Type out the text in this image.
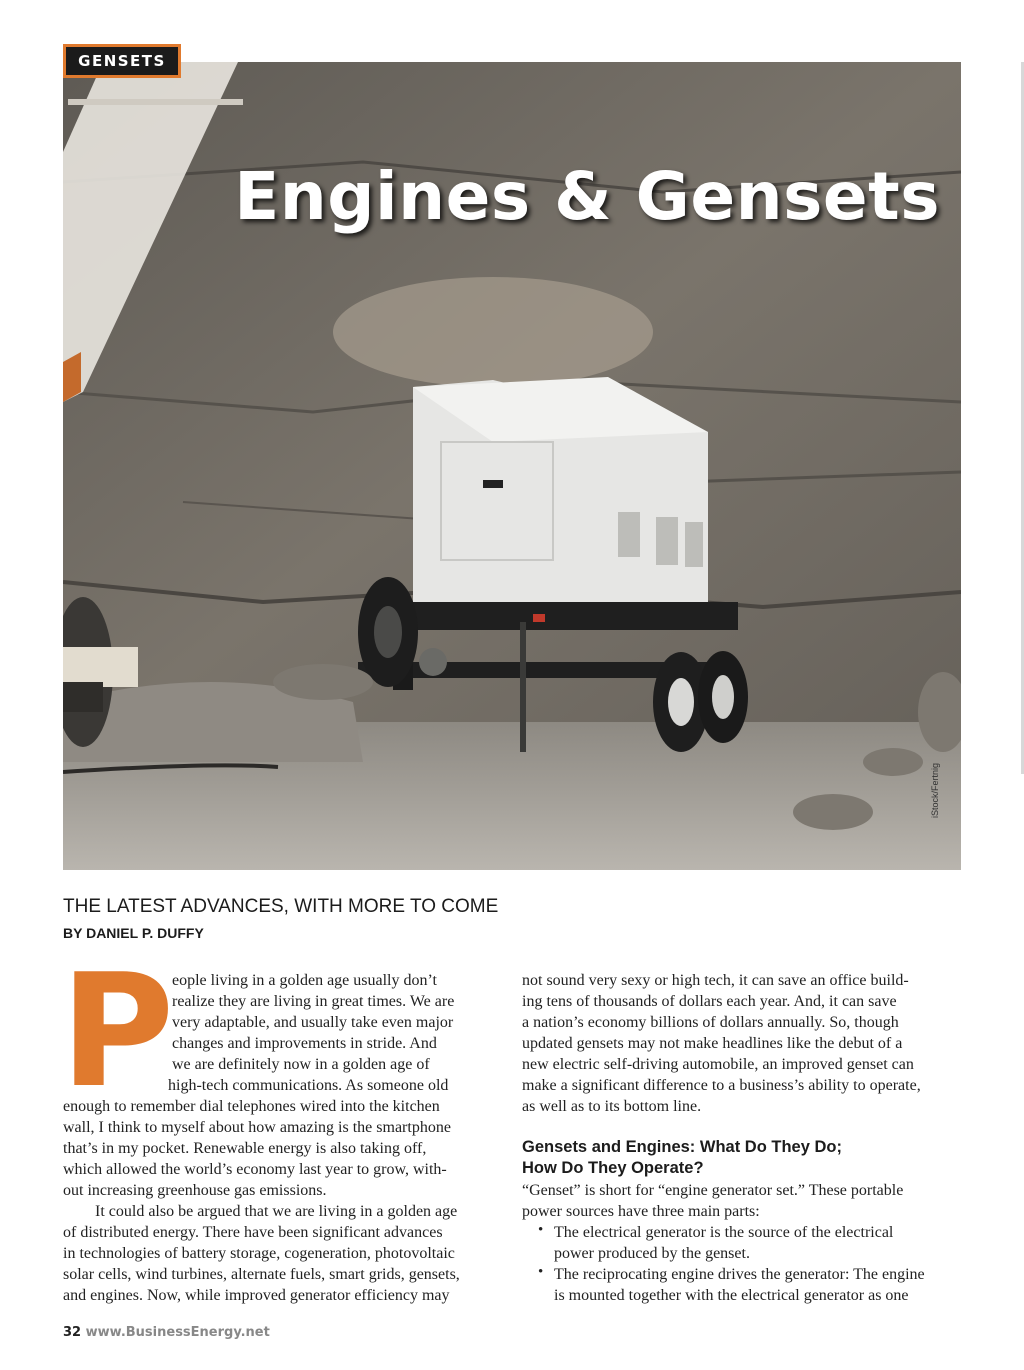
GENSETS
Engines & Gensets
iStock/Fertnig
THE LATEST ADVANCES, WITH MORE TO COME
BY DANIEL P. DUFFY
P
eople living in a golden age usually don’t
realize they are living in great times. We are
very adaptable, and usually take even major
changes and improvements in stride. And
we are definitely now in a golden age of
high-tech communications. As someone old
enough to remember dial telephones wired into the kitchen
wall, I think to myself about how amazing is the smartphone
that’s in my pocket. Renewable energy is also taking off,
which allowed the world’s economy last year to grow, with-
out increasing greenhouse gas emissions.
It could also be argued that we are living in a golden age
of distributed energy. There have been significant advances
in technologies of battery storage, cogeneration, photovoltaic
solar cells, wind turbines, alternate fuels, smart grids, gensets,
and engines. Now, while improved generator efficiency may
not sound very sexy or high tech, it can save an office build-
ing tens of thousands of dollars each year. And, it can save
a nation’s economy billions of dollars annually. So, though
updated gensets may not make headlines like the debut of a
new electric self-driving automobile, an improved genset can
make a significant difference to a business’s ability to operate,
as well as to its bottom line.
Gensets and Engines: What Do They Do;
How Do They Operate?
“Genset” is short for “engine generator set.” These portable
power sources have three main parts:
• The electrical generator is the source of the electrical
power produced by the genset.
• The reciprocating engine drives the generator: The engine
is mounted together with the electrical generator as one
32 www.BusinessEnergy.net
